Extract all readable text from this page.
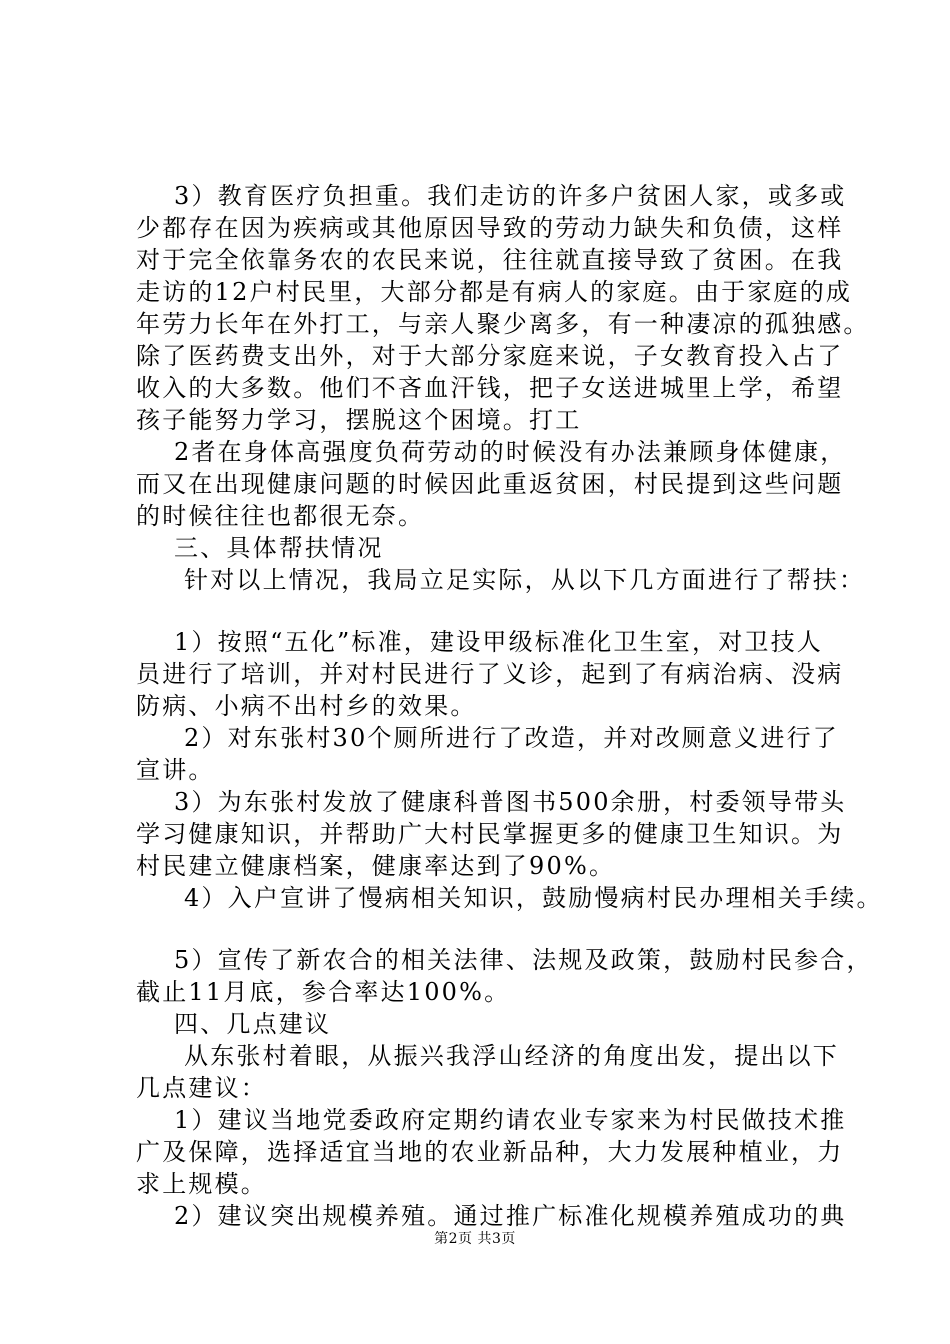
3）教育医疗负担重。我们走访的许多户贫困人家，或多或
少都存在因为疾病或其他原因导致的劳动力缺失和负债，这样
对于完全依靠务农的农民来说，往往就直接导致了贫困。在我
走访的12户村民里，大部分都是有病人的家庭。由于家庭的成
年劳力长年在外打工，与亲人聚少离多，有一种凄凉的孤独感。
除了医药费支出外，对于大部分家庭来说，子女教育投入占了
收入的大多数。他们不吝血汗钱，把子女送进城里上学，希望
孩子能努力学习，摆脱这个困境。打工
2者在身体高强度负荷劳动的时候没有办法兼顾身体健康，
而又在出现健康问题的时候因此重返贫困，村民提到这些问题
的时候往往也都很无奈。
三、具体帮扶情况
针对以上情况，我局立足实际，从以下几方面进行了帮扶：
1）按照“五化”标准，建设甲级标准化卫生室，对卫技人
员进行了培训，并对村民进行了义诊，起到了有病治病、没病
防病、小病不出村乡的效果。
2）对东张村30个厕所进行了改造，并对改厕意义进行了
宣讲。
3）为东张村发放了健康科普图书500余册，村委领导带头
学习健康知识，并帮助广大村民掌握更多的健康卫生知识。为
村民建立健康档案，健康率达到了90%。
4）入户宣讲了慢病相关知识，鼓励慢病村民办理相关手续。
5）宣传了新农合的相关法律、法规及政策，鼓励村民参合，
截止11月底，参合率达100%。
四、几点建议
从东张村着眼，从振兴我浮山经济的角度出发，提出以下
几点建议：
1）建议当地党委政府定期约请农业专家来为村民做技术推
广及保障，选择适宜当地的农业新品种，大力发展种植业，力
求上规模。
2）建议突出规模养殖。通过推广标准化规模养殖成功的典
第2页 共3页
